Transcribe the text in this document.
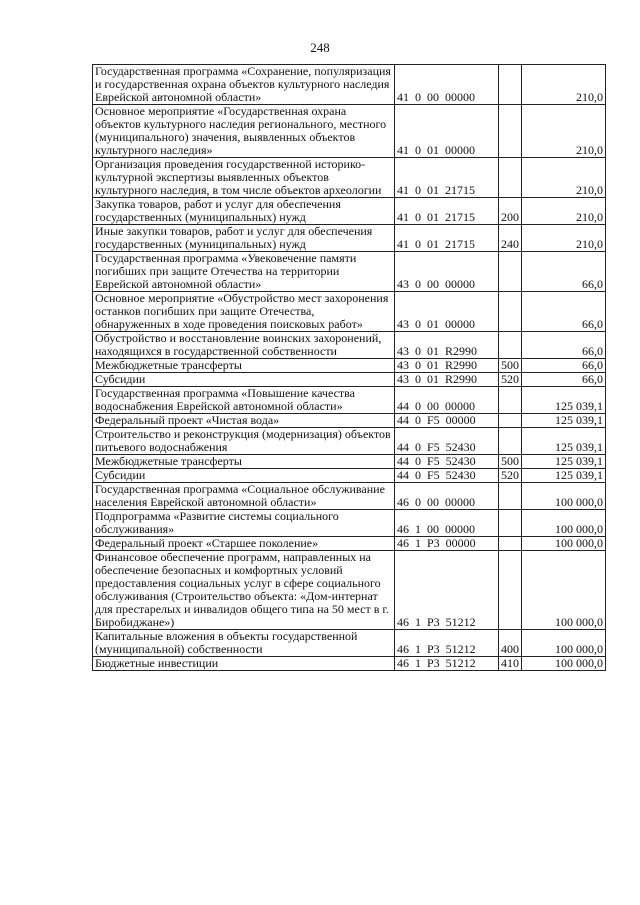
248
Государственная программа «Сохранение, популяризация и государственная охрана объектов культурного наследия Еврейской автономной области»	41 0 00 00000		210,0
Основное мероприятие «Государственная охрана объектов культурного наследия регионального, местного (муниципального) значения, выявленных объектов культурного наследия»	41 0 01 00000		210,0
Организация проведения государственной историко-культурной экспертизы выявленных объектов культурного наследия, в том числе объектов археологии	41 0 01 21715		210,0
Закупка товаров, работ и услуг для обеспечения государственных (муниципальных) нужд	41 0 01 21715	200	210,0
Иные закупки товаров, работ и услуг для обеспечения государственных (муниципальных) нужд	41 0 01 21715	240	210,0
Государственная программа «Увековечение памяти погибших при защите Отечества на территории Еврейской автономной области»	43 0 00 00000		66,0
Основное мероприятие «Обустройство мест захоронения останков погибших при защите Отечества, обнаруженных в ходе проведения поисковых работ»	43 0 01 00000		66,0
Обустройство и восстановление воинских захоронений, находящихся в государственной собственности	43 0 01 R2990		66,0
Межбюджетные трансферты	43 0 01 R2990	500	66,0
Субсидии	43 0 01 R2990	520	66,0
Государственная программа «Повышение качества водоснабжения Еврейской автономной области»	44 0 00 00000		125 039,1
Федеральный проект «Чистая вода»	44 0 F5 00000		125 039,1
Строительство и реконструкция (модернизация) объектов питьевого водоснабжения	44 0 F5 52430		125 039,1
Межбюджетные трансферты	44 0 F5 52430	500	125 039,1
Субсидии	44 0 F5 52430	520	125 039,1
Государственная программа «Социальное обслуживание населения Еврейской автономной области»	46 0 00 00000		100 000,0
Подпрограмма «Развитие системы социального обслуживания»	46 1 00 00000		100 000,0
Федеральный проект «Старшее поколение»	46 1 P3 00000		100 000,0
Финансовое обеспечение программ, направленных на обеспечение безопасных и комфортных условий предоставления социальных услуг в сфере социального обслуживания (Строительство объекта: «Дом-интернат для престарелых и инвалидов общего типа на 50 мест в г. Биробиджане»)	46 1 P3 51212		100 000,0
Капитальные вложения в объекты государственной (муниципальной) собственности	46 1 P3 51212	400	100 000,0
Бюджетные инвестиции	46 1 P3 51212	410	100 000,0
